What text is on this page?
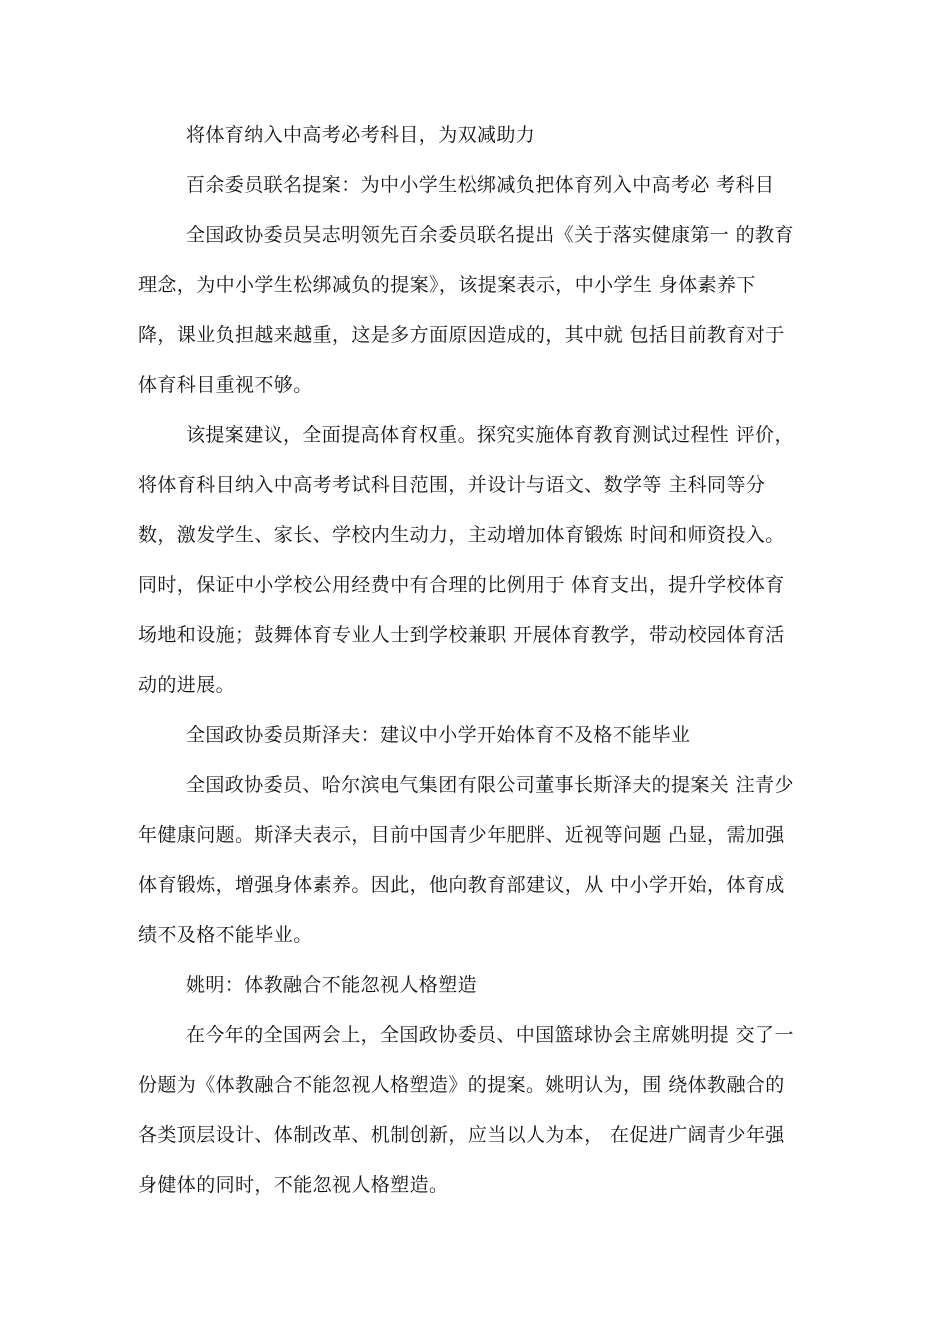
将体育纳入中高考必考科目，为双减助力
百余委员联名提案：为中小学生松绑减负把体育列入中高考必 考科目
全国政协委员吴志明领先百余委员联名提出《关于落实健康第一 的教育
理念，为中小学生松绑减负的提案》，该提案表示，中小学生 身体素养下
降，课业负担越来越重，这是多方面原因造成的，其中就 包括目前教育对于
体育科目重视不够。
该提案建议，全面提高体育权重。探究实施体育教育测试过程性 评价，
将体育科目纳入中高考考试科目范围，并设计与语文、数学等 主科同等分
数，激发学生、家长、学校内生动力，主动增加体育锻炼 时间和师资投入。
同时，保证中小学校公用经费中有合理的比例用于 体育支出，提升学校体育
场地和设施；鼓舞体育专业人士到学校兼职 开展体育教学，带动校园体育活
动的进展。
全国政协委员斯泽夫：建议中小学开始体育不及格不能毕业
全国政协委员、哈尔滨电气集团有限公司董事长斯泽夫的提案关 注青少
年健康问题。斯泽夫表示，目前中国青少年肥胖、近视等问题 凸显，需加强
体育锻炼，增强身体素养。因此，他向教育部建议，从 中小学开始，体育成
绩不及格不能毕业。
姚明：体教融合不能忽视人格塑造
在今年的全国两会上，全国政协委员、中国篮球协会主席姚明提 交了一
份题为《体教融合不能忽视人格塑造》的提案。姚明认为，围 绕体教融合的
各类顶层设计、体制改革、机制创新，应当以人为本， 在促进广阔青少年强
身健体的同时，不能忽视人格塑造。
